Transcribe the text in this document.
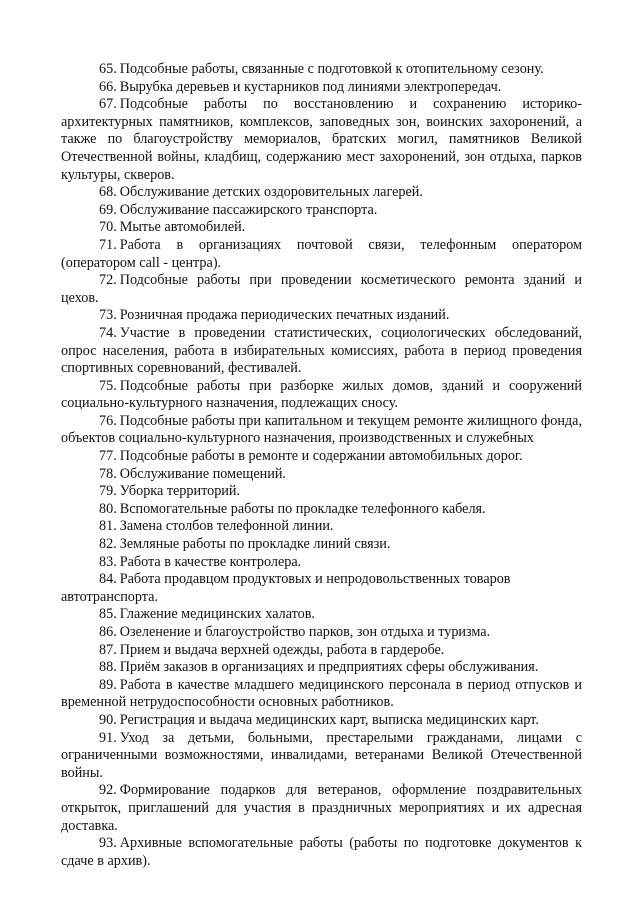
65. Подсобные работы, связанные с подготовкой к отопительному сезону.

66. Вырубка деревьев и кустарников под линиями электропередач.

67. Подсобные работы по восстановлению и сохранению историко-архитектурных памятников, комплексов, заповедных зон, воинских захоронений, а также по благоустройству мемориалов, братских могил, памятников Великой Отечественной войны, кладбищ, содержанию мест захоронений, зон отдыха, парков культуры, скверов.

68. Обслуживание детских оздоровительных лагерей.

69. Обслуживание пассажирского транспорта.

70. Мытье автомобилей.

71. Работа в организациях почтовой связи, телефонным оператором (оператором call - центра).

72. Подсобные работы при проведении косметического ремонта зданий и цехов.

73. Розничная продажа периодических печатных изданий.

74. Участие в проведении статистических, социологических обследований, опрос населения, работа в избирательных комиссиях, работа в период проведения спортивных соревнований, фестивалей.

75. Подсобные работы при разборке жилых домов, зданий и сооружений социально-культурного назначения, подлежащих сносу.

76. Подсобные работы при капитальном и текущем ремонте жилищного фонда, объектов социально-культурного назначения, производственных и служебных

77. Подсобные работы в ремонте и содержании автомобильных дорог.

78. Обслуживание помещений.

79. Уборка территорий.

80. Вспомогательные работы по прокладке телефонного кабеля.

81. Замена столбов телефонной линии.

82. Земляные работы по прокладке линий связи.

83. Работа в качестве контролера.

84. Работа продавцом продуктовых и непродовольственных товаров автотранспорта.

85. Глажение медицинских халатов.

86. Озеленение и благоустройство парков, зон отдыха и туризма.

87. Прием и выдача верхней одежды, работа в гардеробе.

88. Приём заказов в организациях и предприятиях сферы обслуживания.

89. Работа в качестве младшего медицинского персонала в период отпусков и временной нетрудоспособности основных работников.

90. Регистрация и выдача медицинских карт, выписка медицинских карт.

91. Уход за детьми, больными, престарелыми гражданами, лицами с ограниченными возможностями, инвалидами, ветеранами Великой Отечественной войны.

92. Формирование подарков для ветеранов, оформление поздравительных открыток, приглашений для участия в праздничных мероприятиях и их адресная доставка.

93. Архивные вспомогательные работы (работы по подготовке документов к сдаче в архив).
